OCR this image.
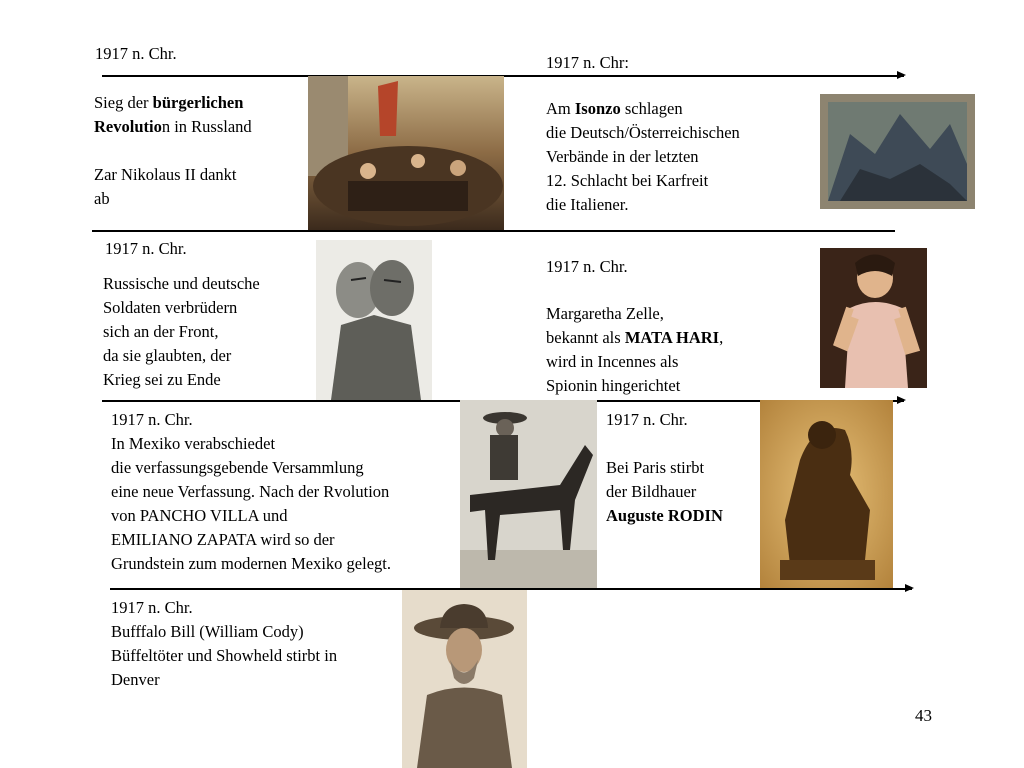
1917 n. Chr.
Sieg der bürgerlichen
Revolution in Russland
Zar Nikolaus II dankt
ab
1917 n. Chr:
Am Isonzo schlagen
die Deutsch/Österreichischen
Verbände in der letzten
12. Schlacht bei Karfreit
die Italiener.
1917 n. Chr.
Russische und deutsche
Soldaten verbrüdern
sich an der Front,
da sie glaubten, der
Krieg sei zu Ende
1917 n. Chr.
Margaretha Zelle,
bekannt als MATA HARI,
wird in Incennes als
Spionin hingerichtet
1917 n. Chr.
In Mexiko verabschiedet
die verfassungsgebende Versammlung
eine neue Verfassung. Nach der Rvolution
von PANCHO VILLA und
EMILIANO ZAPATA wird so der
Grundstein zum modernen Mexiko gelegt.
1917 n. Chr.
Bei Paris stirbt
der Bildhauer
Auguste RODIN
1917 n. Chr.
Bufffalo Bill (William Cody)
Büffeltöter und Showheld stirbt in
Denver
43
